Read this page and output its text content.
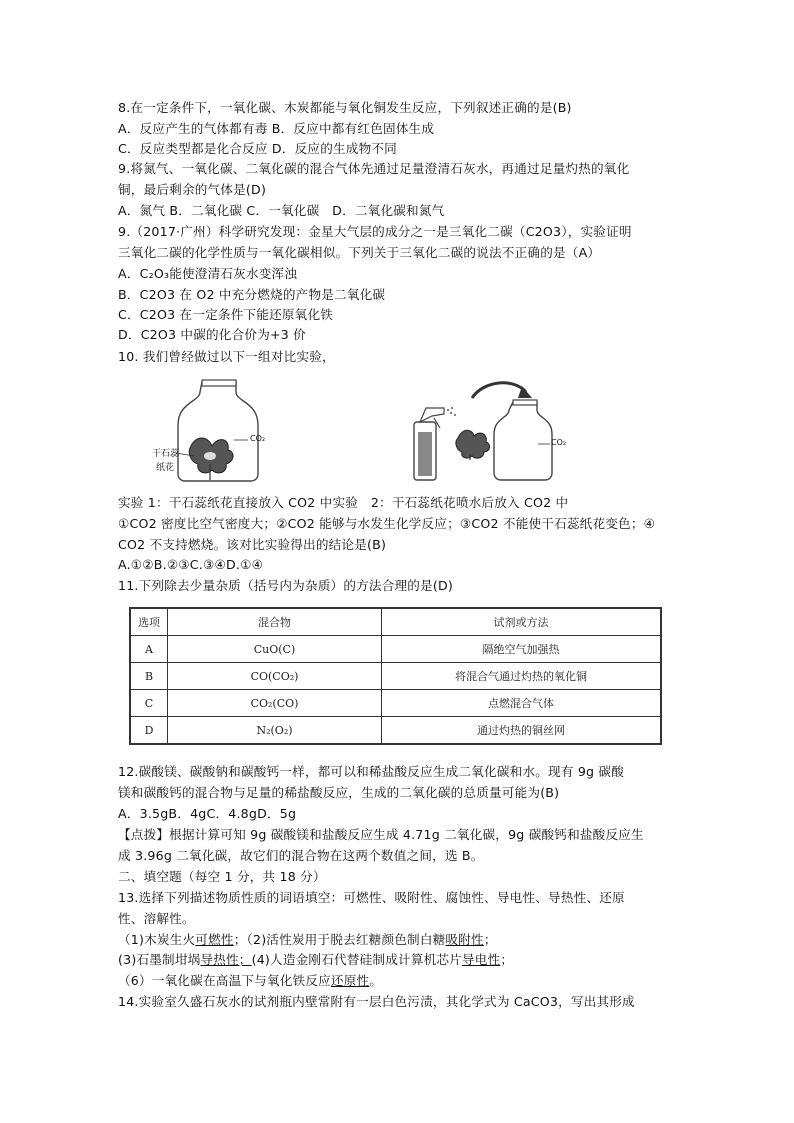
8.在一定条件下，一氧化碳、木炭都能与氧化铜发生反应，下列叙述正确的是(B)
A．反应产生的气体都有毒 B．反应中都有红色固体生成
C．反应类型都是化合反应 D．反应的生成物不同
9.将氮气、一氧化碳、二氧化碳的混合气体先通过足量澄清石灰水，再通过足量灼热的氧化
铜，最后剩余的气体是(D)
A．氮气 B．二氧化碳 C．一氧化碳　D．二氧化碳和氮气
9.（2017·广州）科学研究发现：金星大气层的成分之一是三氧化二碳（C2O3），实验证明
三氧化二碳的化学性质与一氧化碳相似。下列关于三氧化二碳的说法不正确的是（A）
A．C₂O₃能使澄清石灰水变浑浊
B．C2O3 在 O2 中充分燃烧的产物是二氧化碳
C．C2O3 在一定条件下能还原氧化铁
D．C2O3 中碳的化合价为+3 价
10. 我们曾经做过以下一组对比实验，
干石蕊
纸花
CO₂	CO₂
实验 1：干石蕊纸花直接放入 CO2 中实验　2：干石蕊纸花喷水后放入 CO2 中
①CO2 密度比空气密度大；②CO2 能够与水发生化学反应；③CO2 不能使干石蕊纸花变色；④
CO2 不支持燃烧。该对比实验得出的结论是(B)
A.①②B.②③C.③④D.①④
11.下列除去少量杂质（括号内为杂质）的方法合理的是(D)
选项	混合物	试剂或方法
A	CuO(C)	隔绝空气加强热
B	CO(CO₂)	将混合气通过灼热的氧化铜
C	CO₂(CO)	点燃混合气体
D	N₂(O₂)	通过灼热的铜丝网
12.碳酸镁、碳酸钠和碳酸钙一样，都可以和稀盐酸反应生成二氧化碳和水。现有 9g 碳酸
镁和碳酸钙的混合物与足量的稀盐酸反应，生成的二氧化碳的总质量可能为(B)
A．3.5gB．4gC．4.8gD．5g
【点拨】根据计算可知 9g 碳酸镁和盐酸反应生成 4.71g 二氧化碳，9g 碳酸钙和盐酸反应生
成 3.96g 二氧化碳，故它们的混合物在这两个数值之间，选 B。
二、填空题（每空 1 分，共 18 分）
13.选择下列描述物质性质的词语填空：可燃性、吸附性、腐蚀性、导电性、导热性、还原
性、溶解性。
（1)木炭生火可燃性；（2)活性炭用于脱去红糖颜色制白糖吸附性；
(3)石墨制坩埚导热性；(4)人造金刚石代替硅制成计算机芯片导电性；
（6）一氧化碳在高温下与氧化铁反应还原性。
14.实验室久盛石灰水的试剂瓶内壁常附有一层白色污渍，其化学式为 CaCO3，写出其形成
